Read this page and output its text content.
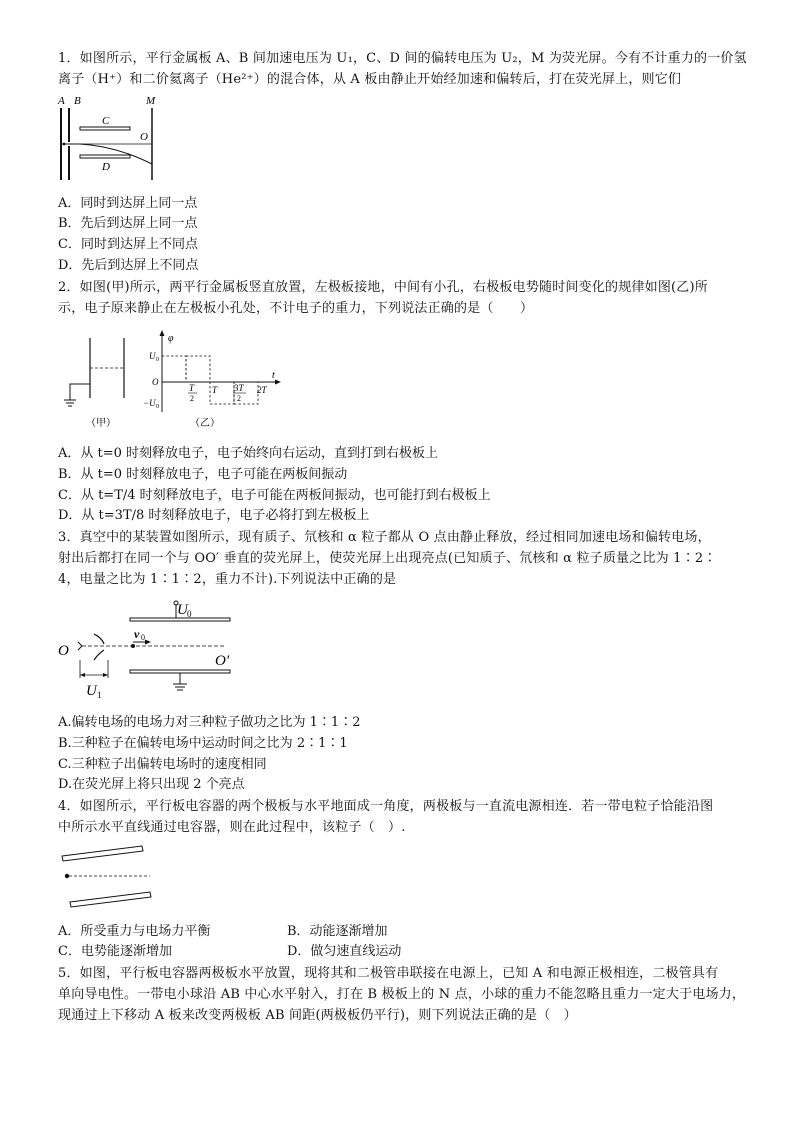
1．如图所示，平行金属板 A、B 间加速电压为 U₁，C、D 间的偏转电压为 U₂，M 为荧光屏。今有不计重力的一价氢
离子（H⁺）和二价氦离子（He²⁺）的混合体，从 A 板由静止开始经加速和偏转后，打在荧光屏上，则它们
A B	M
C
D
O
A．同时到达屏上同一点
B．先后到达屏上同一点
C．同时到达屏上不同点
D．先后到达屏上不同点
2．如图(甲)所示，两平行金属板竖直放置，左极板接地，中间有小孔，右极板电势随时间变化的规律如图(乙)所
示，电子原来静止在左极板小孔处，不计电子的重力，下列说法正确的是（　　）
（甲）
φ
t
U 0
O
−U 0
T
2
T 3T
2
2T
（乙）
A．从 t=0 时刻释放电子，电子始终向右运动，直到打到右极板上
B．从 t=0 时刻释放电子，电子可能在两板间振动
C．从 t=T/4 时刻释放电子，电子可能在两板间振动，也可能打到右极板上
D．从 t=3T/8 时刻释放电子，电子必将打到左极板上
3．真空中的某装置如图所示，现有质子、氘核和 α 粒子都从 O 点由静止释放，经过相同加速电场和偏转电场，
射出后都打在同一个与 OO′ 垂直的荧光屏上，使荧光屏上出现亮点(已知质子、氘核和 α 粒子质量之比为 1∶2∶
4，电量之比为 1∶1∶2，重力不计).下列说法中正确的是
U 0
O
O′
v 0
U 1
A.偏转电场的电场力对三种粒子做功之比为 1∶1∶2
B.三种粒子在偏转电场中运动时间之比为 2∶1∶1
C.三种粒子出偏转电场时的速度相同
D.在荧光屏上将只出现 2 个亮点
4．如图所示，平行板电容器的两个极板与水平地面成一角度，两极板与一直流电源相连．若一带电粒子恰能沿图
中所示水平直线通过电容器，则在此过程中，该粒子（　）.
A．所受重力与电场力平衡	B．动能逐渐增加
C．电势能逐渐增加	D．做匀速直线运动
5．如图，平行板电容器两极板水平放置，现将其和二极管串联接在电源上，已知 A 和电源正极相连，二极管具有
单向导电性。一带电小球沿 AB 中心水平射入，打在 B 极板上的 N 点，小球的重力不能忽略且重力一定大于电场力，
现通过上下移动 A 板来改变两极板 AB 间距(两极板仍平行)，则下列说法正确的是（　）
